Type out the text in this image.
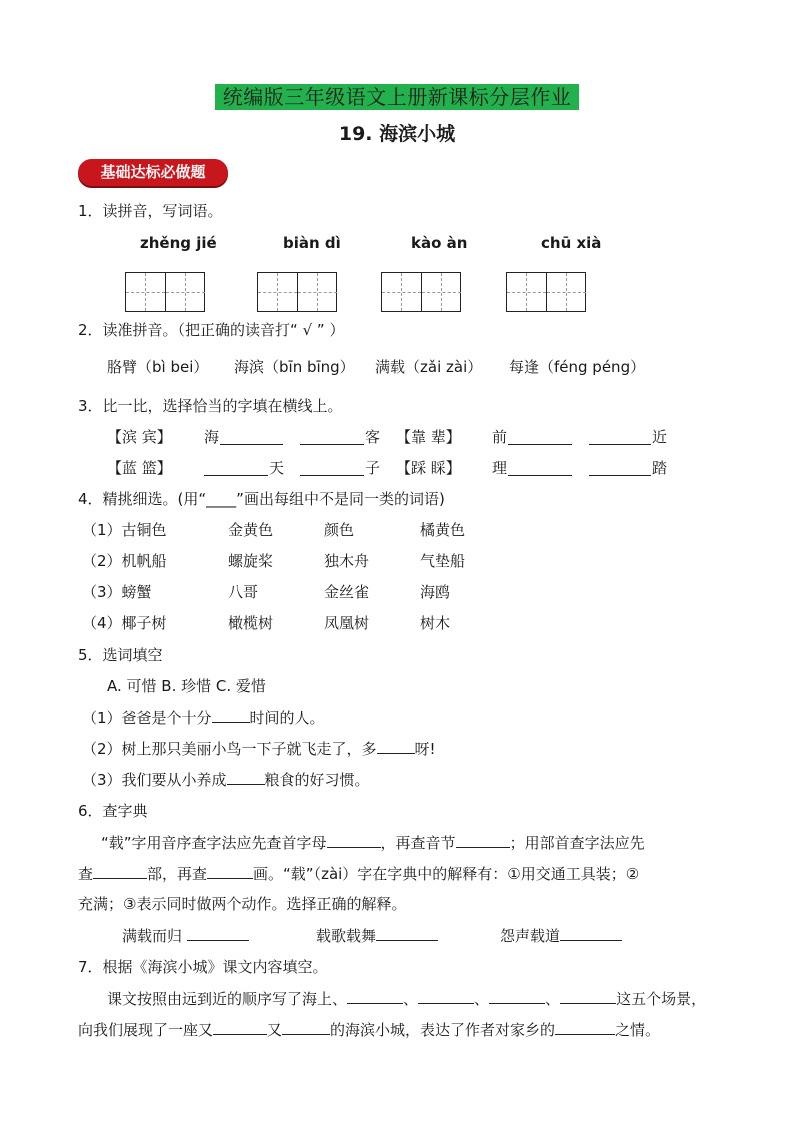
统编版三年级语文上册新课标分层作业
19. 海滨小城
基础达标必做题
1．读拼音，写词语。
zhěng jié	biàn dì	kào àn	chū xià
2．读准拼音。（把正确的读音打“ √ ” ）
胳臂（bì bei） 海滨（bīn bīng） 满载（zǎi zài） 每逢（féng péng）
3．比一比，选择恰当的字填在横线上。
【滨 宾】 海	客 【靠 辈】 前	近
【蓝 篮】	天	子 【踩 睬】 理	踏
4．精挑细选。(用“____”画出每组中不是同一类的词语)
（1）古铜色	金黄色	颜色	橘黄色
（2）机帆船	螺旋桨	独木舟	气垫船
（3）螃蟹	八哥	金丝雀	海鸥
（4）椰子树	橄榄树	凤凰树	树木
5．选词填空
A. 可惜 B. 珍惜 C. 爱惜
（1）爸爸是个十分	时间的人。
（2）树上那只美丽小鸟一下子就飞走了，多	呀!
（3）我们要从小养成	粮食的好习惯。
6．查字典
“载”字用音序查字法应先查首字母	，再查音节	；用部首查字法应先
查	部，再查	画。“载”（zài）字在字典中的解释有：①用交通工具装；②
充满；③表示同时做两个动作。选择正确的解释。
满载而归	载歌载舞	怨声载道
7．根据《海滨小城》课文内容填空。
课文按照由远到近的顺序写了海上、	、	、	、	这五个场景，
向我们展现了一座又	又	的海滨小城，表达了作者对家乡的	之情。
